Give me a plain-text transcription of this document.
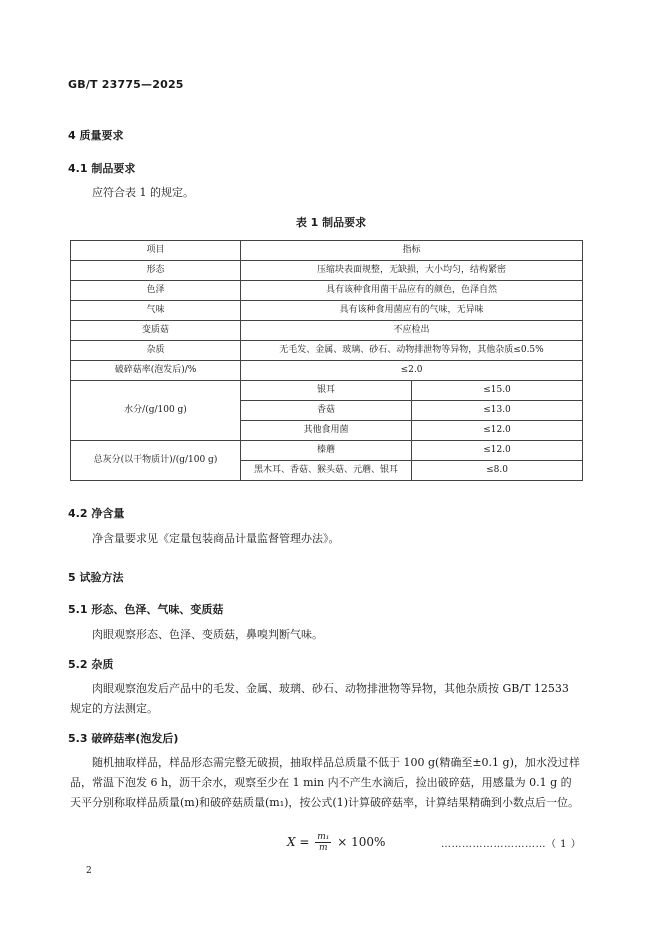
GB/T 23775—2025
4 质量要求
4.1 制品要求
应符合表 1 的规定。
表 1 制品要求
项目	指标	
形态	压缩块表面规整，无缺损，大小均匀，结构紧密	
色泽	具有该种食用菌干品应有的颜色，色泽自然	
气味	具有该种食用菌应有的气味，无异味	
变质菇	不应检出	
杂质	无毛发、金属、玻璃、砂石、动物排泄物等异物，其他杂质≤0.5%	
破碎菇率(泡发后)/%	≤2.0	
水分/(g/100 g)	银耳	≤15.0
	香菇	≤13.0
	其他食用菌	≤12.0
总灰分(以干物质计)/(g/100 g)	榛蘑	≤12.0
	黑木耳、香菇、猴头菇、元蘑、银耳	≤8.0
4.2 净含量
净含量要求见《定量包装商品计量监督管理办法》。
5 试验方法
5.1 形态、色泽、气味、变质菇
肉眼观察形态、色泽、变质菇，鼻嗅判断气味。
5.2 杂质
肉眼观察泡发后产品中的毛发、金属、玻璃、砂石、动物排泄物等异物，其他杂质按 GB/T 12533 规定的方法测定。
5.3 破碎菇率(泡发后)
随机抽取样品，样品形态需完整无破损，抽取样品总质量不低于 100 g(精确至±0.1 g)，加水没过样品，常温下泡发 6 h，沥干余水，观察至少在 1 min 内不产生水滴后，捡出破碎菇，用感量为 0.1 g 的天平分别称取样品质量(m)和破碎菇质量(m₁)，按公式(1)计算破碎菇率，计算结果精确到小数点后一位。
$X = \frac{\text{m₁}}{m} \times 100\%$	…………………………（ 1 ）
2
